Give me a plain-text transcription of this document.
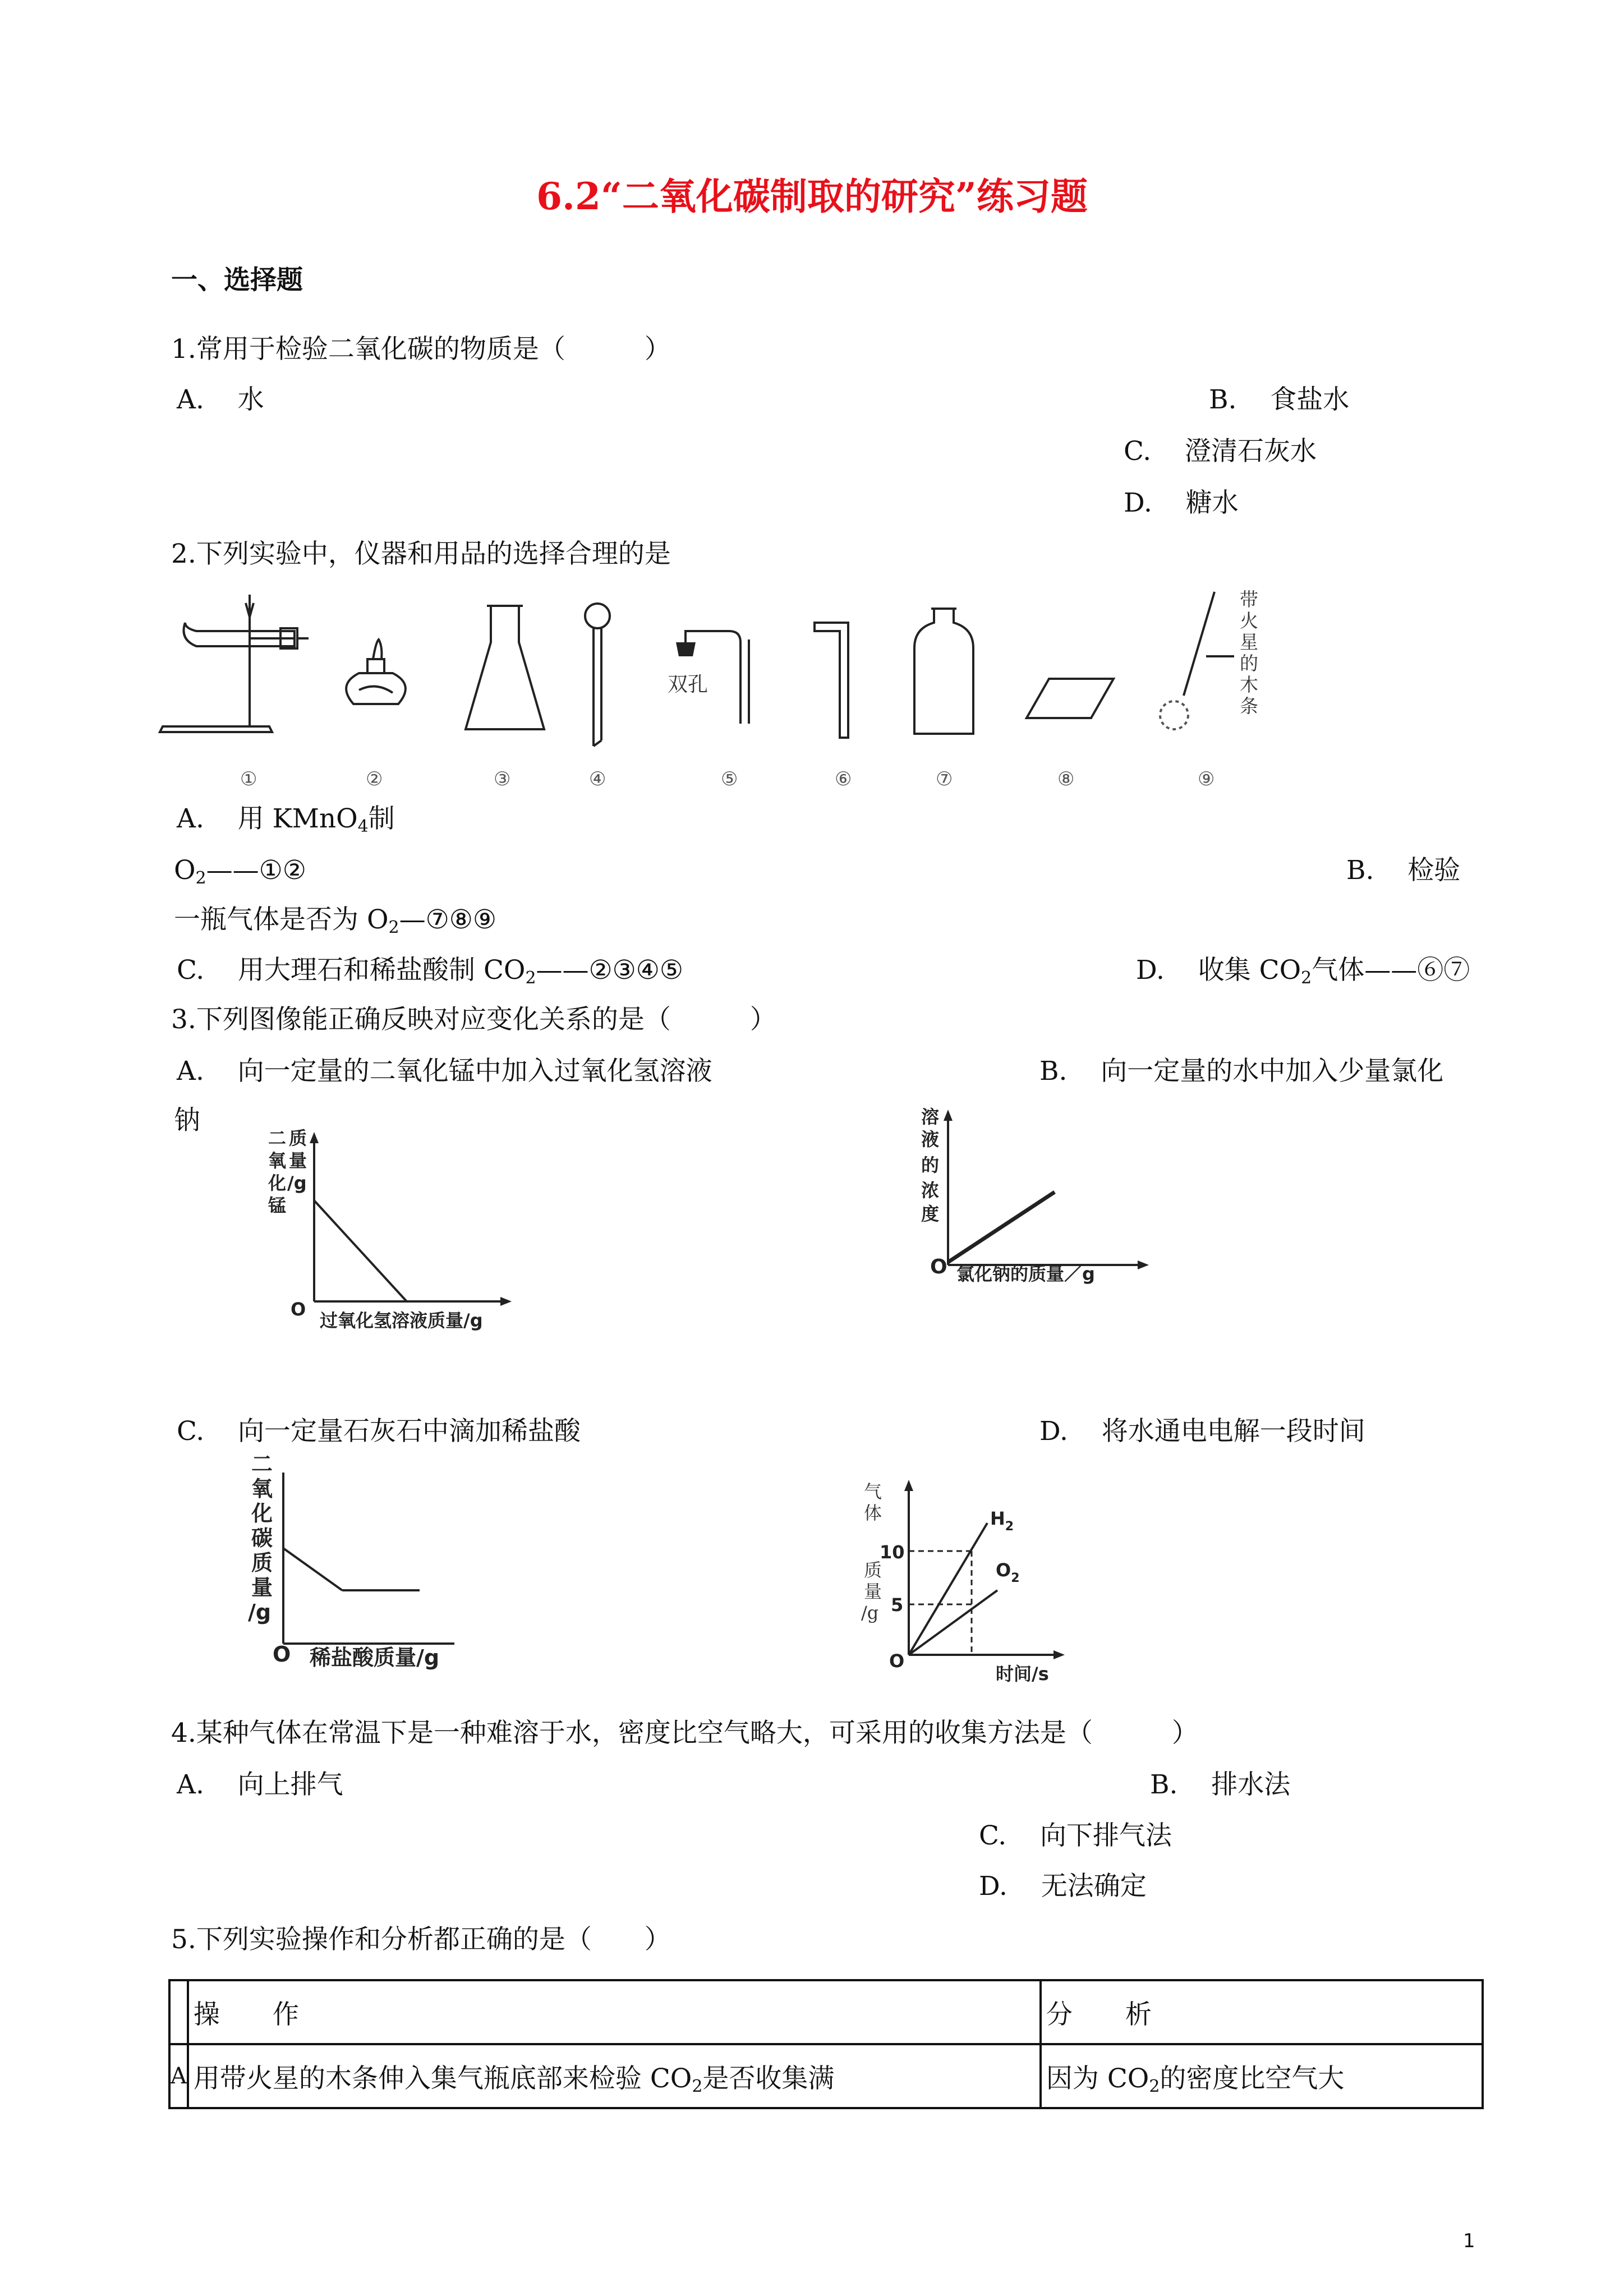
6.2“二氧化碳制取的研究”练习题
一、选择题
1.常用于检验二氧化碳的物质是（　　　）
A. 水	B. 食盐水
C. 澄清石灰水
D. 糖水
2.下列实验中，仪器和用品的选择合理的是
双孔
带
火
星
的
木
条
①	②	③	④	⑤	⑥	⑦	⑧	⑨
A. 用 KMnO$_4$制
$O_2——①②$	B. 检验
一瓶气体是否为 $O_2—⑦⑧⑨$
C. 用大理石和稀盐酸制 $CO_2——②③④⑤$	D. 收集 $CO_2$气体——⑥⑦
3.下列图像能正确反映对应变化关系的是（　　　）
A. 向一定量的二氧化锰中加入过氧化氢溶液	B. 向一定量的水中加入少量氯化
钠
O
二
氧
化
锰
质
量
/g
过氧化氢溶液质量/g
O
溶
液
的
浓
度
氯化钠的质量／g
C. 向一定量石灰石中滴加稀盐酸	D. 将水通电电解一段时间
O
二
氧
化
碳
质
量
/g
稀盐酸质量/g
10
5
O
$H_2$
$O_2$
气
体
质
量
/g
时间/s
4.某种气体在常温下是一种难溶于水，密度比空气略大，可采用的收集方法是（　　　）
A. 向上排气	B. 排水法
C. 向下排气法
D. 无法确定
5.下列实验操作和分析都正确的是（　　）
	操　　作	分　　析
A	用带火星的木条伸入集气瓶底部来检验 $CO_2$是否收集满	因为 $CO_2$的密度比空气大
1
